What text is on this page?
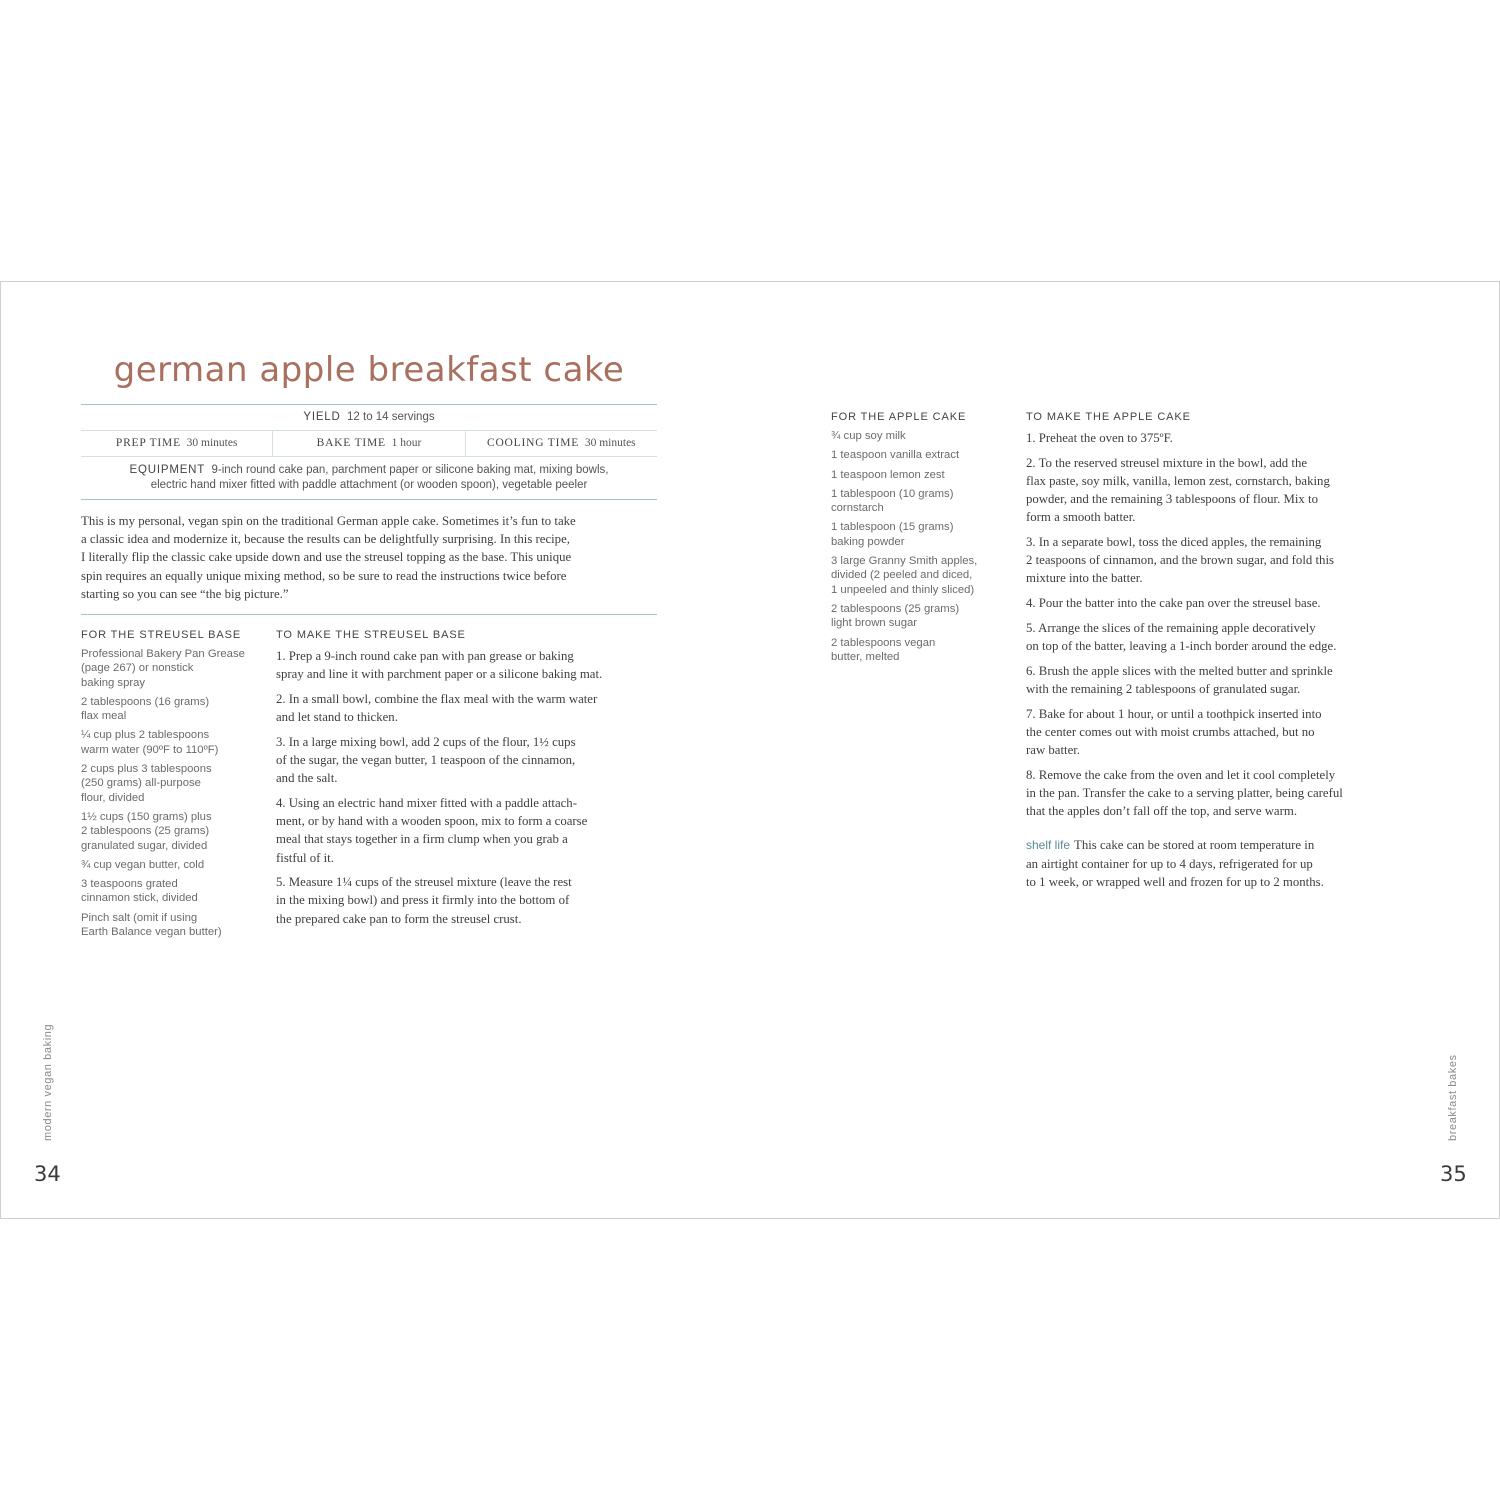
german apple breakfast cake
YIELD 12 to 14 servings
PREP TIME 30 minutes	BAKE TIME 1 hour	COOLING TIME 30 minutes
EQUIPMENT 9-inch round cake pan, parchment paper or silicone baking mat, mixing bowls,
electric hand mixer fitted with paddle attachment (or wooden spoon), vegetable peeler
This is my personal, vegan spin on the traditional German apple cake. Sometimes it’s fun to take
a classic idea and modernize it, because the results can be delightfully surprising. In this recipe,
I literally flip the classic cake upside down and use the streusel topping as the base. This unique
spin requires an equally unique mixing method, so be sure to read the instructions twice before
starting so you can see “the big picture.”
FOR THE STREUSEL BASE
Professional Bakery Pan Grease
(page 267) or nonstick
baking spray
2 tablespoons (16 grams)
flax meal
¼ cup plus 2 tablespoons
warm water (90ºF to 110ºF)
2 cups plus 3 tablespoons
(250 grams) all-purpose
flour, divided
1½ cups (150 grams) plus
2 tablespoons (25 grams)
granulated sugar, divided
¾ cup vegan butter, cold
3 teaspoons grated
cinnamon stick, divided
Pinch salt (omit if using
Earth Balance vegan butter)
TO MAKE THE STREUSEL BASE

1. Prep a 9-inch round cake pan with pan grease or baking
spray and line it with parchment paper or a silicone baking mat.

2. In a small bowl, combine the flax meal with the warm water
and let stand to thicken.

3. In a large mixing bowl, add 2 cups of the flour, 1½ cups
of the sugar, the vegan butter, 1 teaspoon of the cinnamon,
and the salt.

4. Using an electric hand mixer fitted with a paddle attach-
ment, or by hand with a wooden spoon, mix to form a coarse
meal that stays together in a firm clump when you grab a
fistful of it.

5. Measure 1¼ cups of the streusel mixture (leave the rest
in the mixing bowl) and press it firmly into the bottom of
the prepared cake pan to form the streusel crust.

FOR THE APPLE CAKE
¾ cup soy milk
1 teaspoon vanilla extract
1 teaspoon lemon zest
1 tablespoon (10 grams)
cornstarch
1 tablespoon (15 grams)
baking powder
3 large Granny Smith apples,
divided (2 peeled and diced,
1 unpeeled and thinly sliced)
2 tablespoons (25 grams)
light brown sugar
2 tablespoons vegan
butter, melted
TO MAKE THE APPLE CAKE

1. Preheat the oven to 375ºF.

2. To the reserved streusel mixture in the bowl, add the
flax paste, soy milk, vanilla, lemon zest, cornstarch, baking
powder, and the remaining 3 tablespoons of flour. Mix to
form a smooth batter.

3. In a separate bowl, toss the diced apples, the remaining
2 teaspoons of cinnamon, and the brown sugar, and fold this
mixture into the batter.

4. Pour the batter into the cake pan over the streusel base.

5. Arrange the slices of the remaining apple decoratively
on top of the batter, leaving a 1-inch border around the edge.

6. Brush the apple slices with the melted butter and sprinkle
with the remaining 2 tablespoons of granulated sugar.

7. Bake for about 1 hour, or until a toothpick inserted into
the center comes out with moist crumbs attached, but no
raw batter.

8. Remove the cake from the oven and let it cool completely
in the pan. Transfer the cake to a serving platter, being careful
that the apples don’t fall off the top, and serve warm.

shelf life This cake can be stored at room temperature in
an airtight container for up to 4 days, refrigerated for up
to 1 week, or wrapped well and frozen for up to 2 months.
modern vegan baking	breakfast bakes
34	35
